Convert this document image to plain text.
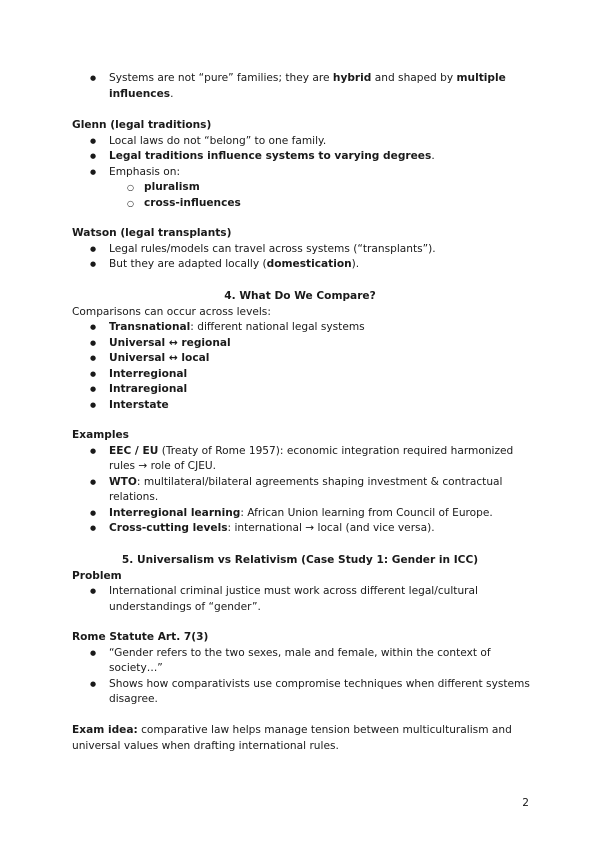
● Systems are not “pure” families; they are hybrid and shaped by multiple influences.
Glenn (legal traditions)
● Local laws do not “belong” to one family.
● Legal traditions influence systems to varying degrees.
● Emphasis on:
○ pluralism
○ cross-influences
Watson (legal transplants)
● Legal rules/models can travel across systems (“transplants”).
● But they are adapted locally (domestication).
4. What Do We Compare?
Comparisons can occur across levels:
● Transnational: different national legal systems
● Universal ↔ regional
● Universal ↔ local
● Interregional
● Intraregional
● Interstate
Examples
● EEC / EU (Treaty of Rome 1957): economic integration required harmonized rules → role of CJEU.
● WTO: multilateral/bilateral agreements shaping investment & contractual relations.
● Interregional learning: African Union learning from Council of Europe.
● Cross-cutting levels: international → local (and vice versa).
5. Universalism vs Relativism (Case Study 1: Gender in ICC)
Problem
● International criminal justice must work across different legal/cultural understandings of “gender”.
Rome Statute Art. 7(3)
● “Gender refers to the two sexes, male and female, within the context of society…”
● Shows how comparativists use compromise techniques when different systems disagree.
Exam idea: comparative law helps manage tension between multiculturalism and universal values when drafting international rules.
2
